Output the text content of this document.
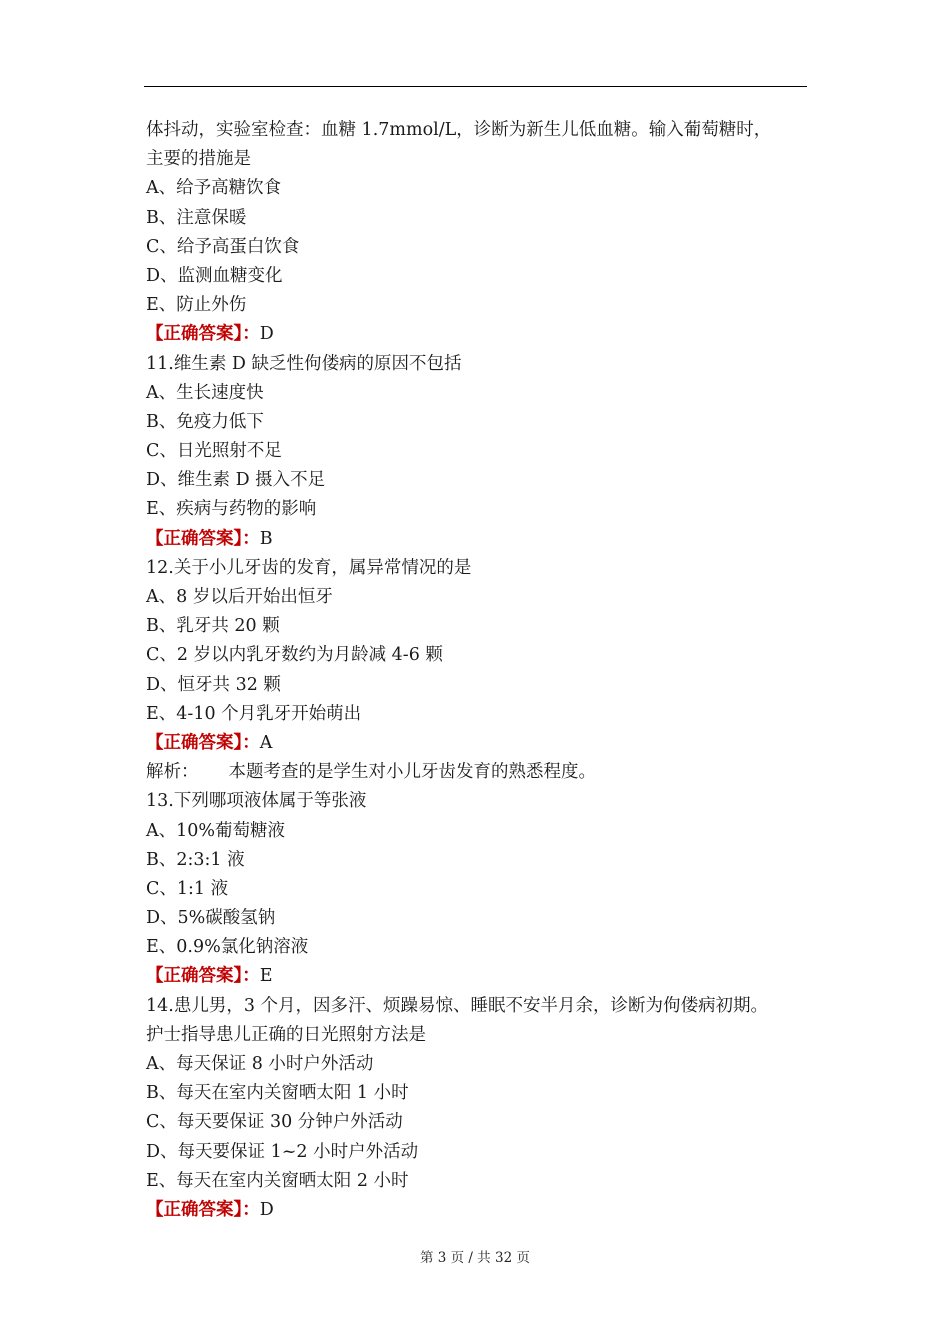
体抖动，实验室检查：血糖 1.7mmol/L，诊断为新生儿低血糖。输入葡萄糖时，
主要的措施是
A、给予高糖饮食
B、注意保暖
C、给予高蛋白饮食
D、监测血糖变化
E、防止外伤
【正确答案】：D
11.维生素 D 缺乏性佝偻病的原因不包括
A、生长速度快
B、免疫力低下
C、日光照射不足
D、维生素 D 摄入不足
E、疾病与药物的影响
【正确答案】：B
12.关于小儿牙齿的发育，属异常情况的是
A、8 岁以后开始出恒牙
B、乳牙共 20 颗
C、2 岁以内乳牙数约为月龄减 4-6 颗
D、恒牙共 32 颗
E、4-10 个月乳牙开始萌出
【正确答案】：A
解析： 本题考查的是学生对小儿牙齿发育的熟悉程度。
13.下列哪项液体属于等张液
A、10%葡萄糖液
B、2:3:1 液
C、1:1 液
D、5%碳酸氢钠
E、0.9%氯化钠溶液
【正确答案】：E
14.患儿男，3 个月，因多汗、烦躁易惊、睡眠不安半月余，诊断为佝偻病初期。
护士指导患儿正确的日光照射方法是
A、每天保证 8 小时户外活动
B、每天在室内关窗晒太阳 1 小时
C、每天要保证 30 分钟户外活动
D、每天要保证 1~2 小时户外活动
E、每天在室内关窗晒太阳 2 小时
【正确答案】：D
第 3 页 / 共 32 页
